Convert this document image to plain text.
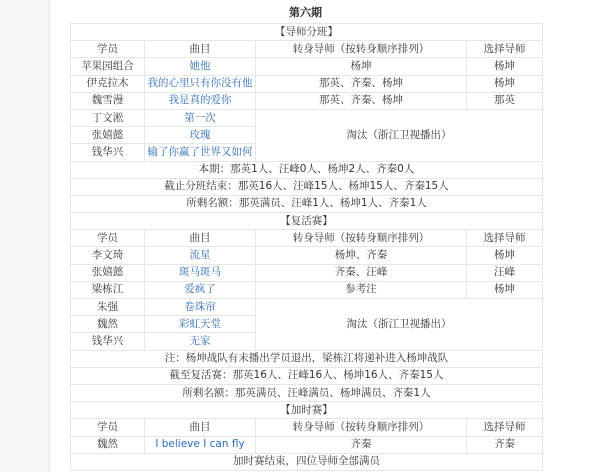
第六期
【导师分班】			
学员	曲目	转身导师（按转身顺序排列）	选择导师
苹果园组合	她他	杨坤	杨坤
伊克拉木	我的心里只有你没有他	那英、齐秦、杨坤	杨坤
魏雪漫	我是真的爱你	那英、齐秦、杨坤	那英
丁文淞	第一次	淘汰（浙江卫视播出）	
张嬉懿	玫瑰		
钱华兴	输了你赢了世界又如何		
本期：那英1人、汪峰0人、杨坤2人、齐秦0人			
截止分班结束：那英16人、汪峰15人、杨坤15人、齐秦15人			
所剩名额：那英满员、汪峰1人、杨坤1人、齐秦1人			
【复活赛】			
学员	曲目	转身导师（按转身顺序排列）	选择导师
李文琦	流星	杨坤、齐秦	杨坤
张嬉懿	斑马斑马	齐秦、汪峰	汪峰
梁栋江	爱疯了	参考注	杨坤
朱强	卷珠帘	淘汰（浙江卫视播出）	
魏然	彩虹天堂		
钱华兴	无家		
注：杨坤战队有未播出学员退出，梁栋江将递补进入杨坤战队			
截至复活赛：那英16人、汪峰16人、杨坤16人、齐秦15人			
所剩名额：那英满员、汪峰满员、杨坤满员、齐秦1人			
【加时赛】			
学员	曲目	转身导师（按转身顺序排列）	选择导师
魏然	I believe I can fly	齐秦	齐秦
加时赛结束，四位导师全部满员			
